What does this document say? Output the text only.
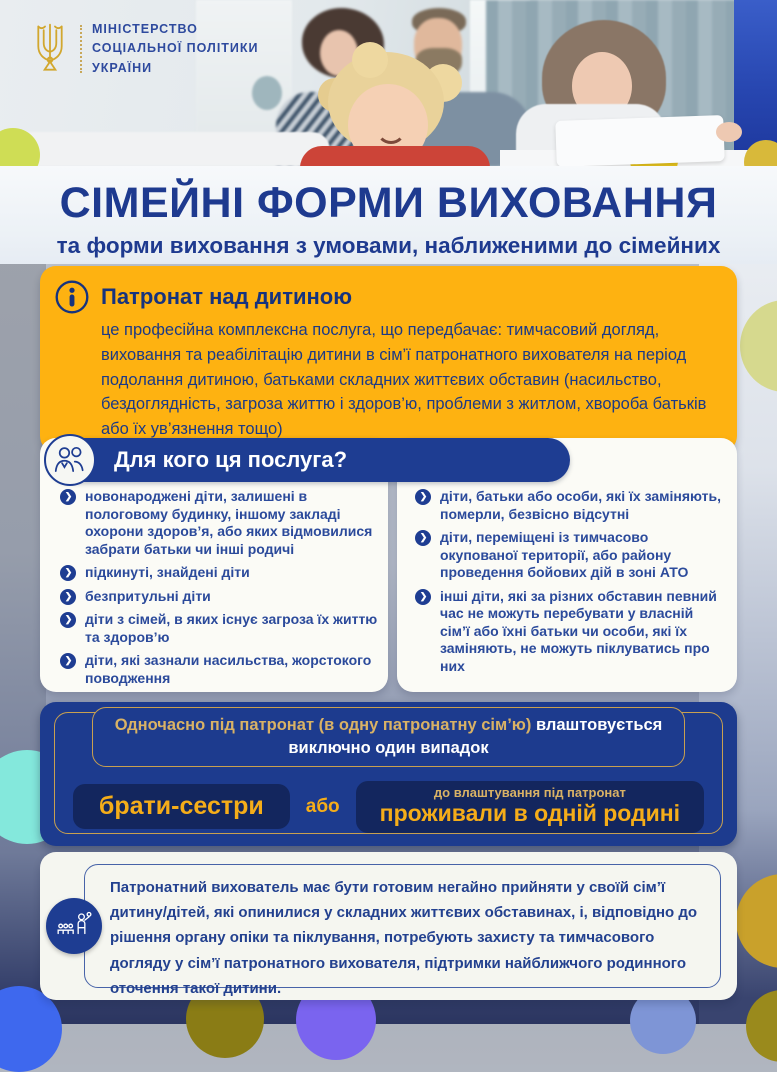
МІНІСТЕРСТВО
СОЦІАЛЬНОЇ ПОЛІТИКИ
УКРАЇНИ
СІМЕЙНІ ФОРМИ ВИХОВАННЯ
та форми виховання з умовами, наближеними до сімейних
Патронат над дитиною
це професійна комплексна послуга, що передбачає: тимчасовий догляд, виховання та реабілітацію дитини в сім’ї патронатного вихователя на період подолання дитиною, батьками складних життєвих обставин (насильство, бездоглядність, загроза життю і здоров’ю, проблеми з житлом, хвороба батьків або їх ув’язнення тощо)
Для кого ця послуга?
❯ новонароджені діти, залишені в пологовому будинку, іншому закладі охорони здоров’я, або яких відмовилися забрати батьки чи інші родичі
❯ підкинуті, знайдені діти
❯ безпритульні діти
❯ діти з сімей, в яких існує загроза їх життю та здоров’ю
❯ діти, які зазнали насильства, жорстокого поводження
❯ діти, батьки або особи, які їх заміняють, померли, безвісно відсутні
❯ діти, переміщені із тимчасово окупованої території, або району проведення бойових дій в зоні АТО
❯ інші діти, які за різних обставин певний час не можуть перебувати у власній сім’ї або їхні батьки чи особи, які їх заміняють, не можуть піклуватись про них
Одночасно під патронат (в одну патронатну сім’ю) влаштовується виключно один випадок
брати-сестри	або
до влаштування під патронат
проживали в одній родині
Патронатний вихователь має бути готовим негайно прийняти у своїй сім’ї дитину/дітей, які опинилися у складних життєвих обставинах, і, відповідно до рішення органу опіки та піклування, потребують захисту та тимчасового догляду у сім’ї патронатного вихователя, підтримки найближчого родинного оточення такої дитини.
